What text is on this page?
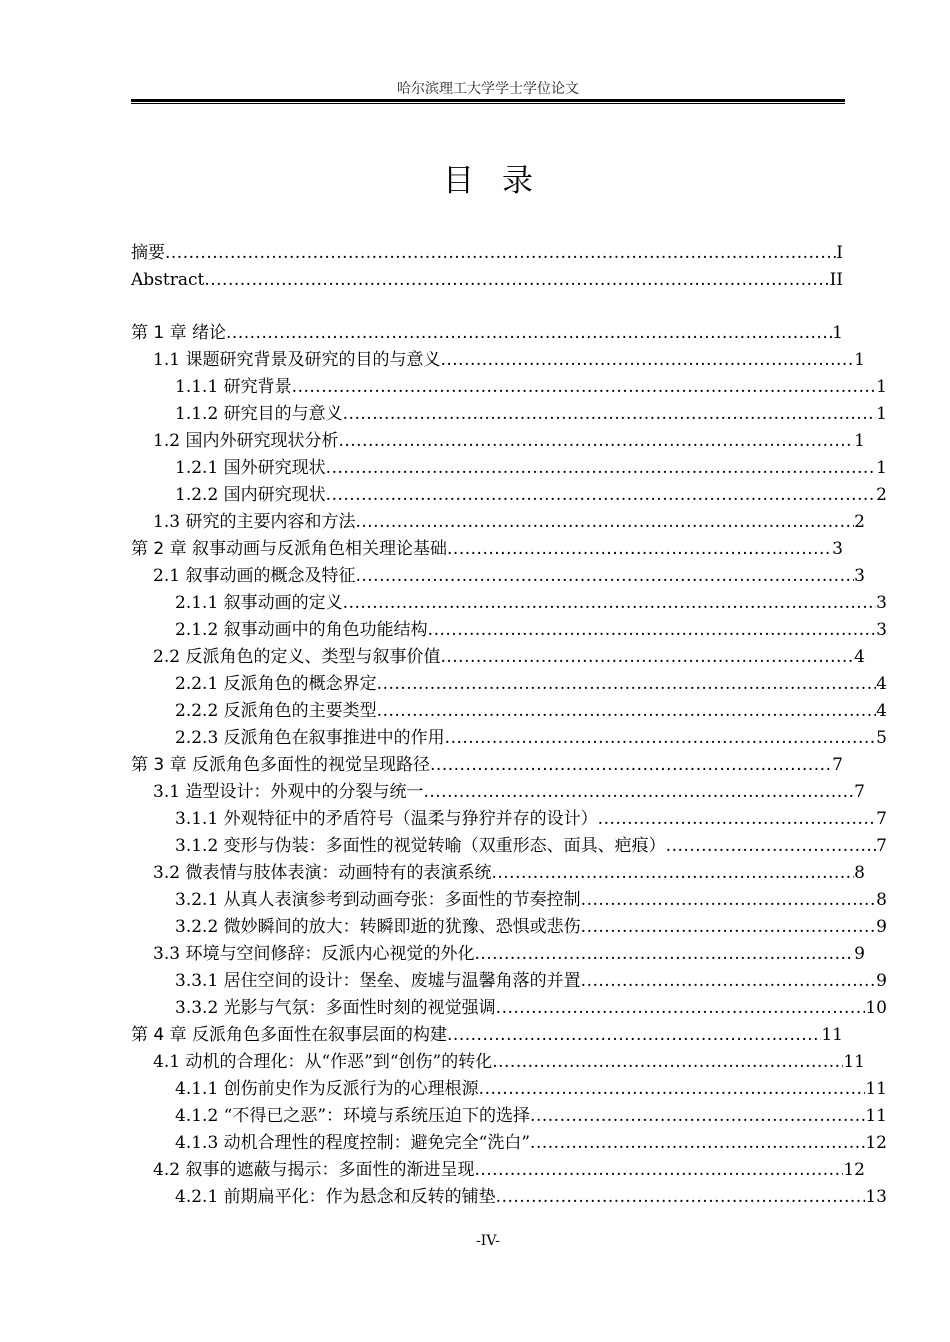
哈尔滨理工大学学士学位论文
目录
摘要 .....	I
Abstract .....	II
第 1 章 绪论 .....	1
1.1 课题研究背景及研究的目的与意义 .....	1
1.1.1 研究背景 .....	1
1.1.2 研究目的与意义 .....	1
1.2 国内外研究现状分析 .....	1
1.2.1 国外研究现状 .....	1
1.2.2 国内研究现状 .....	2
1.3 研究的主要内容和方法 .....	2
第 2 章 叙事动画与反派角色相关理论基础 .....	3
2.1 叙事动画的概念及特征 .....	3
2.1.1 叙事动画的定义 .....	3
2.1.2 叙事动画中的角色功能结构 .....	3
2.2 反派角色的定义、类型与叙事价值 .....	4
2.2.1 反派角色的概念界定 .....	4
2.2.2 反派角色的主要类型 .....	4
2.2.3 反派角色在叙事推进中的作用 .....	5
第 3 章 反派角色多面性的视觉呈现路径 .....	7
3.1 造型设计：外观中的分裂与统一 .....	7
3.1.1 外观特征中的矛盾符号（温柔与狰狞并存的设计） .....	7
3.1.2 变形与伪装：多面性的视觉转喻（双重形态、面具、疤痕） .....	7
3.2 微表情与肢体表演：动画特有的表演系统 .....	8
3.2.1 从真人表演参考到动画夸张：多面性的节奏控制 .....	8
3.2.2 微妙瞬间的放大：转瞬即逝的犹豫、恐惧或悲伤 .....	9
3.3 环境与空间修辞：反派内心视觉的外化 .....	9
3.3.1 居住空间的设计：堡垒、废墟与温馨角落的并置 .....	9
3.3.2 光影与气氛：多面性时刻的视觉强调 .....	10
第 4 章 反派角色多面性在叙事层面的构建 .....	11
4.1 动机的合理化：从“作恶”到“创伤”的转化 .....	11
4.1.1 创伤前史作为反派行为的心理根源 .....	11
4.1.2 “不得已之恶”：环境与系统压迫下的选择 .....	11
4.1.3 动机合理性的程度控制：避免完全“洗白” .....	12
4.2 叙事的遮蔽与揭示：多面性的渐进呈现 .....	12
4.2.1 前期扁平化：作为悬念和反转的铺垫 .....	13
-IV-
